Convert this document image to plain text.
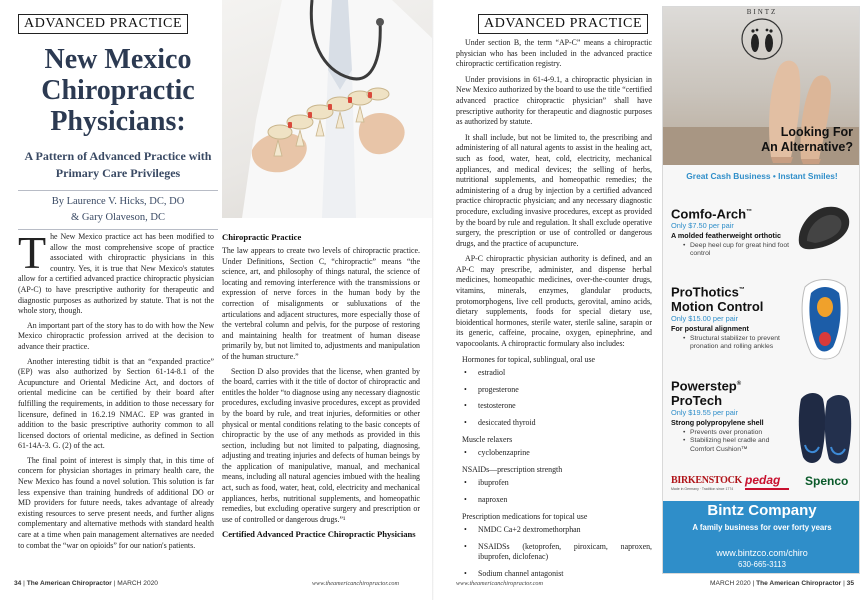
ADVANCED PRACTICE
New Mexico Chiropractic Physicians:
A Pattern of Advanced Practice with Primary Care Privileges
By Laurence V. Hicks, DC, DO
& Gary Olaveson, DC

The New Mexico practice act has been modified to allow the most comprehensive scope of practice associated with chiropractic physicians in this country. Yes, it is true that New Mexico's statutes allow for a certified advanced practice chiropractic physician (AP-C) to have prescriptive authority for therapeutic and diagnostic purposes as authorized by statute. That is not the whole story, though.

An important part of the story has to do with how the New Mexico chiropractic profession arrived at the decision to advance their practice.

Another interesting tidbit is that an “expanded practice” (EP) was also authorized by Section 61-14-8.1 of the Acupuncture and Oriental Medicine Act, and doctors of oriental medicine can be certified by their board after fulfilling the requirements, in addition to those necessary for licensure, defined in 16.2.19 NMAC. EP was granted in addition to the basic prescriptive authority common to all licensed doctors of oriental medicine, as defined in Section 61-14A-3. G. (2) of the act.

The final point of interest is simply that, in this time of concern for physician shortages in primary health care, the New Mexico has found a novel solution. This solution is far less expensive than training hundreds of additional DO or MD providers for future needs, takes advantage of already existing resources to serve present needs, and further aligns complementary and alternative methods with standard health care at a time when pain management alternatives are needed to combat the “war on opioids” for our nation's patients.

Chiropractic Practice

The law appears to create two levels of chiropractic practice. Under Definitions, Section C, “chiropractic” means “the science, art, and philosophy of things natural, the science of locating and removing interference with the transmissions or expression of nerve forces in the human body by the correction of misalignments or subluxations of the articulations and adjacent structures, more especially those of the vertebral column and pelvis, for the purpose of restoring and maintaining health for treatment of human disease primarily by, but not limited to, adjustments and manipulation of the human structure.”

Section D also provides that the license, when granted by the board, carries with it the title of doctor of chiropractic and entitles the holder “to diagnose using any necessary diagnostic procedures, excluding invasive procedures, except as provided by the board by rule, and treat injuries, deformities or other physical or mental conditions relating to the basic concepts of chiropractic by the use of any methods as provided in this section, including but not limited to palpating, diagnosing, adjusting and treating injuries and defects of human beings by the application of manipulative, manual, and mechanical means, including all natural agencies imbued with the healing act, such as food, water, heat, cold, electricity and mechanical appliances, herbs, nutritional supplements, and homeopathic remedies, but excluding operative surgery and prescription or use of controlled or dangerous drugs.”¹

Certified Advanced Practice Chiropractic Physicians
34 | The American Chiropractor | MARCH 2020	www.theamericanchiropractor.com
ADVANCED PRACTICE

Under section B, the term “AP-C” means a chiropractic physician who has been included in the advanced practice chiropractic certification registry.

Under provisions in 61-4-9.1, a chiropractic physician in New Mexico authorized by the board to use the title “certified advanced practice chiropractic physician” shall have prescriptive authority for therapeutic and diagnostic purposes as authorized by statute.

It shall include, but not be limited to, the prescribing and administering of all natural agents to assist in the healing act, such as food, water, heat, cold, electricity, mechanical appliances, and medical devices; the selling of herbs, nutritional supplements, and homeopathic remedies; the administering of a drug by injection by a certified advanced practice chiropractic physician; and any necessary diagnostic procedure, excluding invasive procedures, except as provided by the board by rule and regulation. It shall exclude operative surgery, the prescription or use of controlled or dangerous drugs, and the practice of acupuncture.

AP-C chiropractic physician authority is defined, and an AP-C may prescribe, administer, and dispense herbal medicines, homeopathic medicines, over-the-counter drugs, vitamins, minerals, enzymes, glandular products, protomorphogens, live cell products, gerovital, amino acids, dietary supplements, foods for special dietary use, bioidentical hormones, sterile water, sterile saline, sarapin or its generic, caffeine, procaine, oxygen, epinephrine, and vapocoolants. A chiropractic formulary also includes:

Hormones for topical, sublingual, oral use
• estradiol
• progesterone
• testosterone
• desiccated thyroid
Muscle relaxers
• cyclobenzaprine
NSAIDs—prescription strength
• ibuprofen
• naproxen
Prescription medications for topical use
• NMDC Ca+2 dextromethorphan
• NSAIDSs (ketoprofen, piroxicam, naproxen, ibuprofen, diclofenac)
• Sodium channel antagonist
BINTZ
Looking For
An Alternative?
Great Cash Business • Instant Smiles!
Comfo-Arch™
Only $7.50 per pair
A molded featherweight orthotic
• Deep heel cup for great hind foot control
ProThotics™
Motion Control
Only $15.00 per pair
For postural alignment
• Structural stabilizer to prevent pronation and rolling ankles
Powerstep® ProTech
Only $19.55 per pair
Strong polypropylene shell
• Prevents over pronation
• Stabilizing heel cradle and Comfort Cushion™
BIRKENSTOCK
Made in Germany · Tradition since 1774
pedag Spenco
Bintz Company
A family business for over forty years
www.bintzco.com/chiro
630-665-3113
www.theamericanchiropractor.com	MARCH 2020 | The American Chiropractor | 35
